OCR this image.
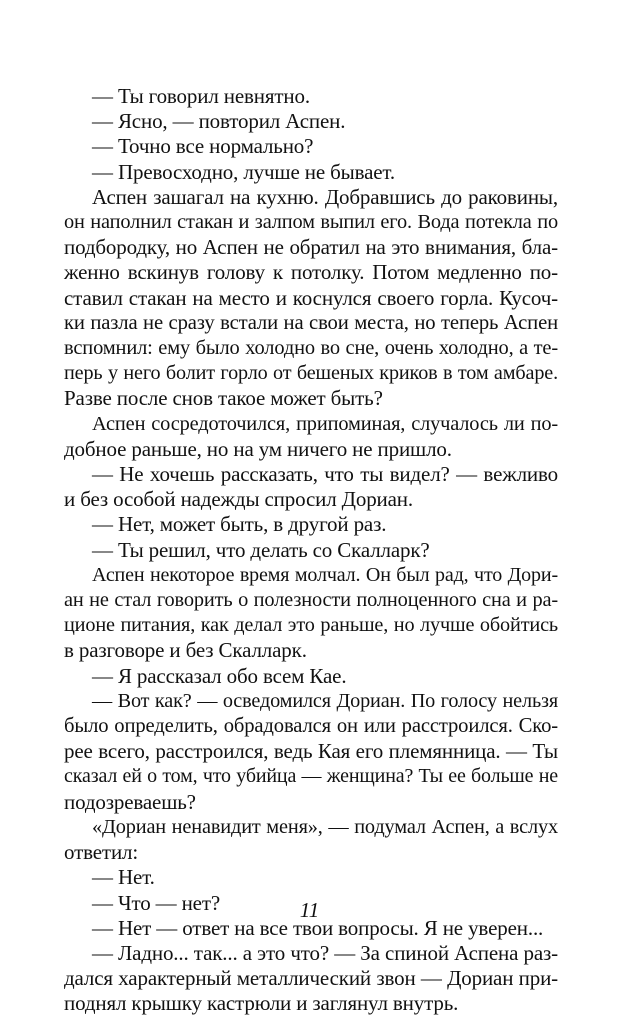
— Ты говорил невнятно.
— Ясно, — повторил Аспен.
— Точно все нормально?
— Превосходно, лучше не бывает.
Аспен зашагал на кухню. Добравшись до раковины,
он наполнил стакан и залпом выпил его. Вода потекла по
подбородку, но Аспен не обратил на это внимания, бла-
женно вскинув голову к потолку. Потом медленно по-
ставил стакан на место и коснулся своего горла. Кусоч-
ки пазла не сразу встали на свои места, но теперь Аспен
вспомнил: ему было холодно во сне, очень холодно, а те-
перь у него болит горло от бешеных криков в том амбаре.
Разве после снов такое может быть?
Аспен сосредоточился, припоминая, случалось ли по-
добное раньше, но на ум ничего не пришло.
— Не хочешь рассказать, что ты видел? — вежливо
и без особой надежды спросил Дориан.
— Нет, может быть, в другой раз.
— Ты решил, что делать со Скалларк?
Аспен некоторое время молчал. Он был рад, что Дори-
ан не стал говорить о полезности полноценного сна и ра-
ционе питания, как делал это раньше, но лучше обойтись
в разговоре и без Скалларк.
— Я рассказал обо всем Кае.
— Вот как? — осведомился Дориан. По голосу нельзя
было определить, обрадовался он или расстроился. Ско-
рее всего, расстроился, ведь Кая его племянница. — Ты
сказал ей о том, что убийца — женщина? Ты ее больше не
подозреваешь?
«Дориан ненавидит меня», — подумал Аспен, а вслух
ответил:
— Нет.
— Что — нет?
— Нет — ответ на все твои вопросы. Я не уверен...
— Ладно... так... а это что? — За спиной Аспена раз-
дался характерный металлический звон — Дориан при-
поднял крышку кастрюли и заглянул внутрь.
11
